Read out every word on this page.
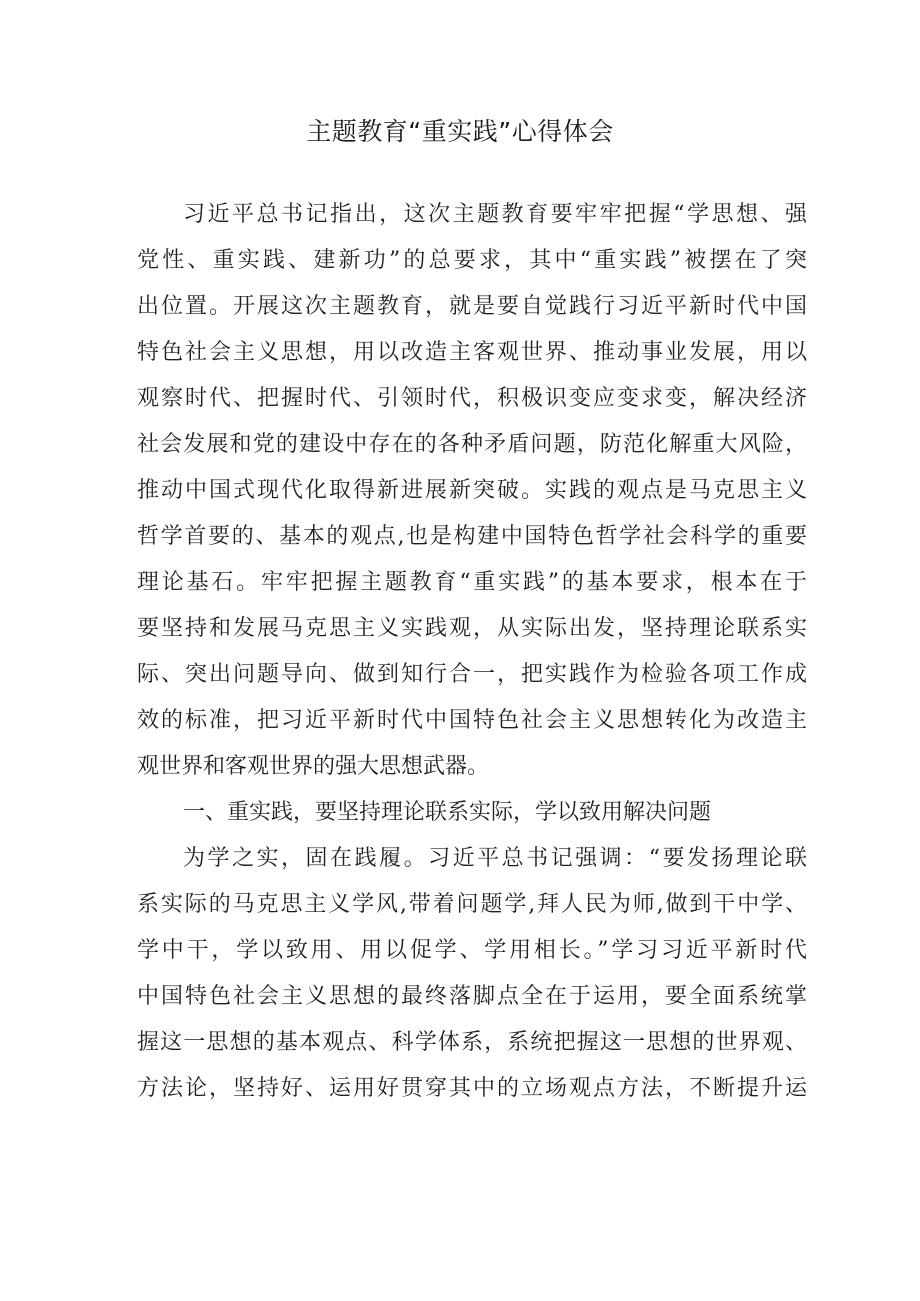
主题教育“重实践”心得体会
习近平总书记指出，这次主题教育要牢牢把握“学思想、强
党性、重实践、建新功”的总要求，其中“重实践”被摆在了突
出位置。开展这次主题教育，就是要自觉践行习近平新时代中国
特色社会主义思想，用以改造主客观世界、推动事业发展，用以
观察时代、把握时代、引领时代，积极识变应变求变，解决经济
社会发展和党的建设中存在的各种矛盾问题，防范化解重大风险，
推动中国式现代化取得新进展新突破。实践的观点是马克思主义
哲学首要的、基本的观点,也是构建中国特色哲学社会科学的重要
理论基石。牢牢把握主题教育“重实践”的基本要求，根本在于
要坚持和发展马克思主义实践观，从实际出发，坚持理论联系实
际、突出问题导向、做到知行合一，把实践作为检验各项工作成
效的标准，把习近平新时代中国特色社会主义思想转化为改造主
观世界和客观世界的强大思想武器。
一、重实践，要坚持理论联系实际，学以致用解决问题
为学之实，固在践履。习近平总书记强调：“要发扬理论联
系实际的马克思主义学风,带着问题学,拜人民为师,做到干中学、
学中干，学以致用、用以促学、学用相长。”学习习近平新时代
中国特色社会主义思想的最终落脚点全在于运用，要全面系统掌
握这一思想的基本观点、科学体系，系统把握这一思想的世界观、
方法论，坚持好、运用好贯穿其中的立场观点方法，不断提升运
